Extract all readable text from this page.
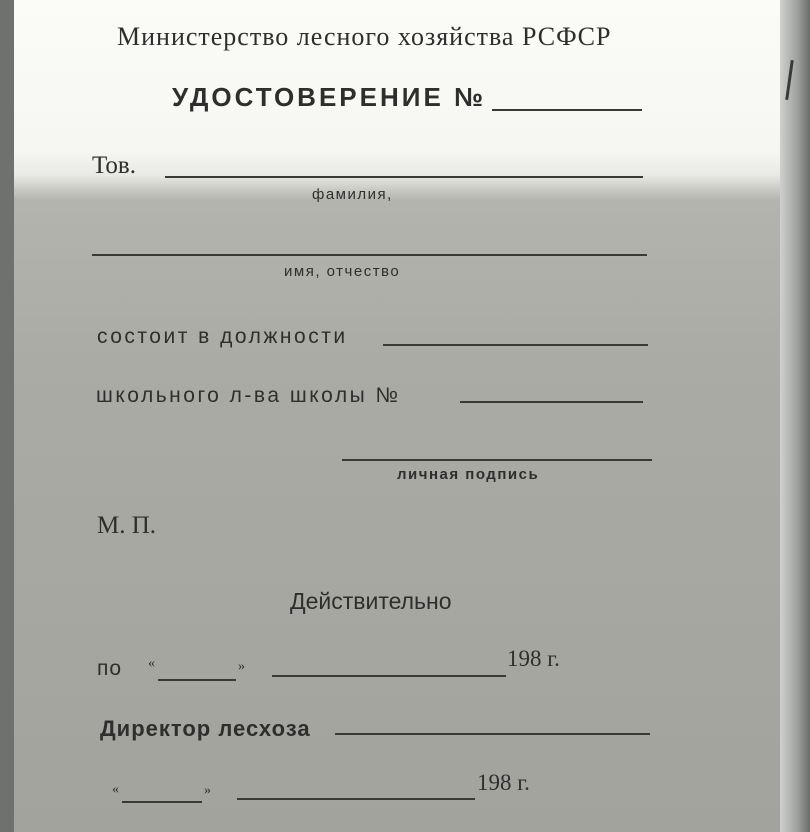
Министерство лесного хозяйства РСФСР
УДОСТОВЕРЕНИЕ №
Тов.
фамилия,
имя, отчество
состоит в должности
школьного л-ва школы №
личная подпись
М. П.
Действительно
по «	»	198 г.
Директор лесхоза
«	»	198 г.
